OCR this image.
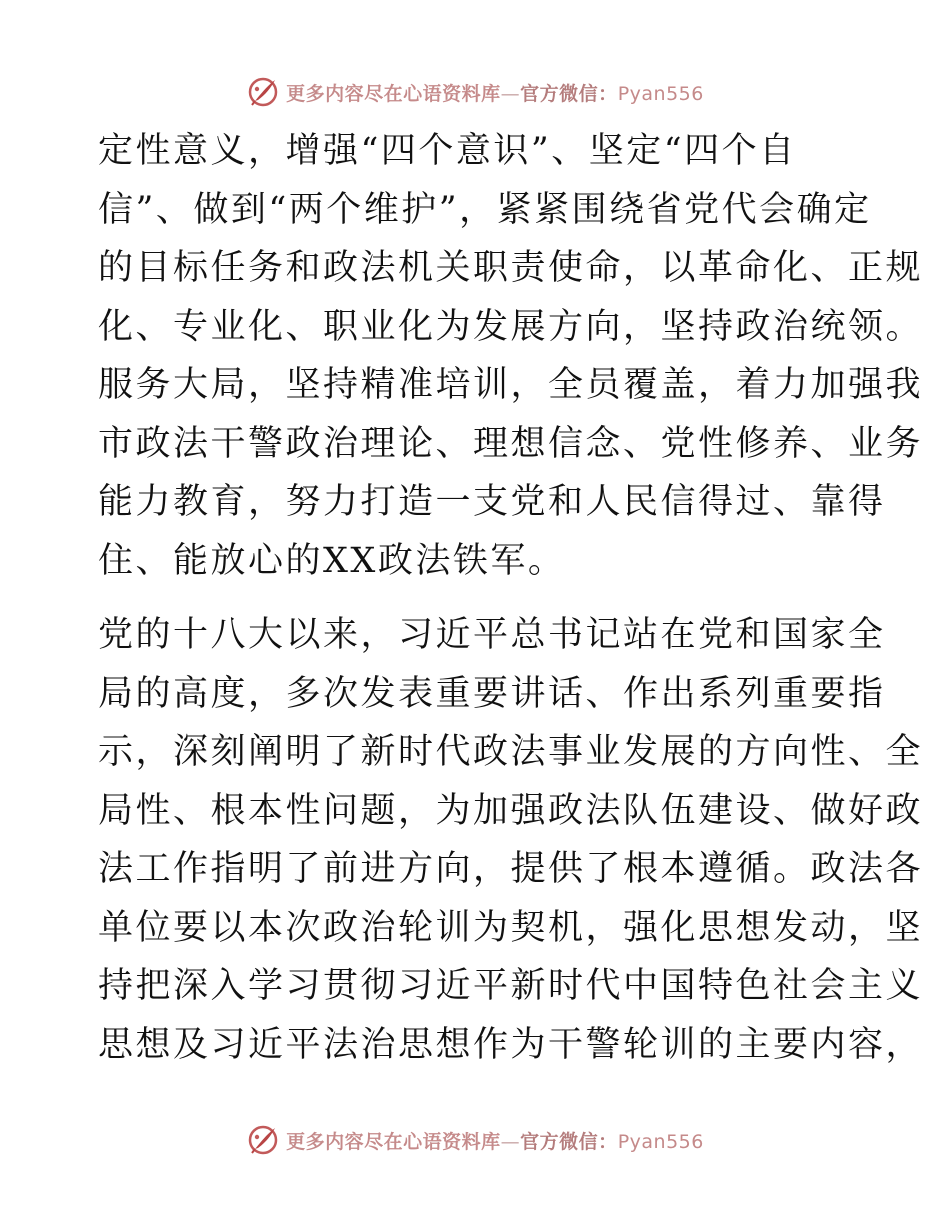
更多内容尽在心语资料库—官方微信：Pyan556

定性意义，增强“四个意识”、坚定“四个自
信”、做到“两个维护”，紧紧围绕省党代会确定
的目标任务和政法机关职责使命，以革命化、正规
化、专业化、职业化为发展方向，坚持政治统领。
服务大局，坚持精准培训，全员覆盖，着力加强我
市政法干警政治理论、理想信念、党性修养、业务
能力教育，努力打造一支党和人民信得过、靠得
住、能放心的XX政法铁军。

党的十八大以来，习近平总书记站在党和国家全
局的高度，多次发表重要讲话、作出系列重要指
示，深刻阐明了新时代政法事业发展的方向性、全
局性、根本性问题，为加强政法队伍建设、做好政
法工作指明了前进方向，提供了根本遵循。政法各
单位要以本次政治轮训为契机，强化思想发动，坚
持把深入学习贯彻习近平新时代中国特色社会主义
思想及习近平法治思想作为干警轮训的主要内容，

更多内容尽在心语资料库—官方微信：Pyan556
